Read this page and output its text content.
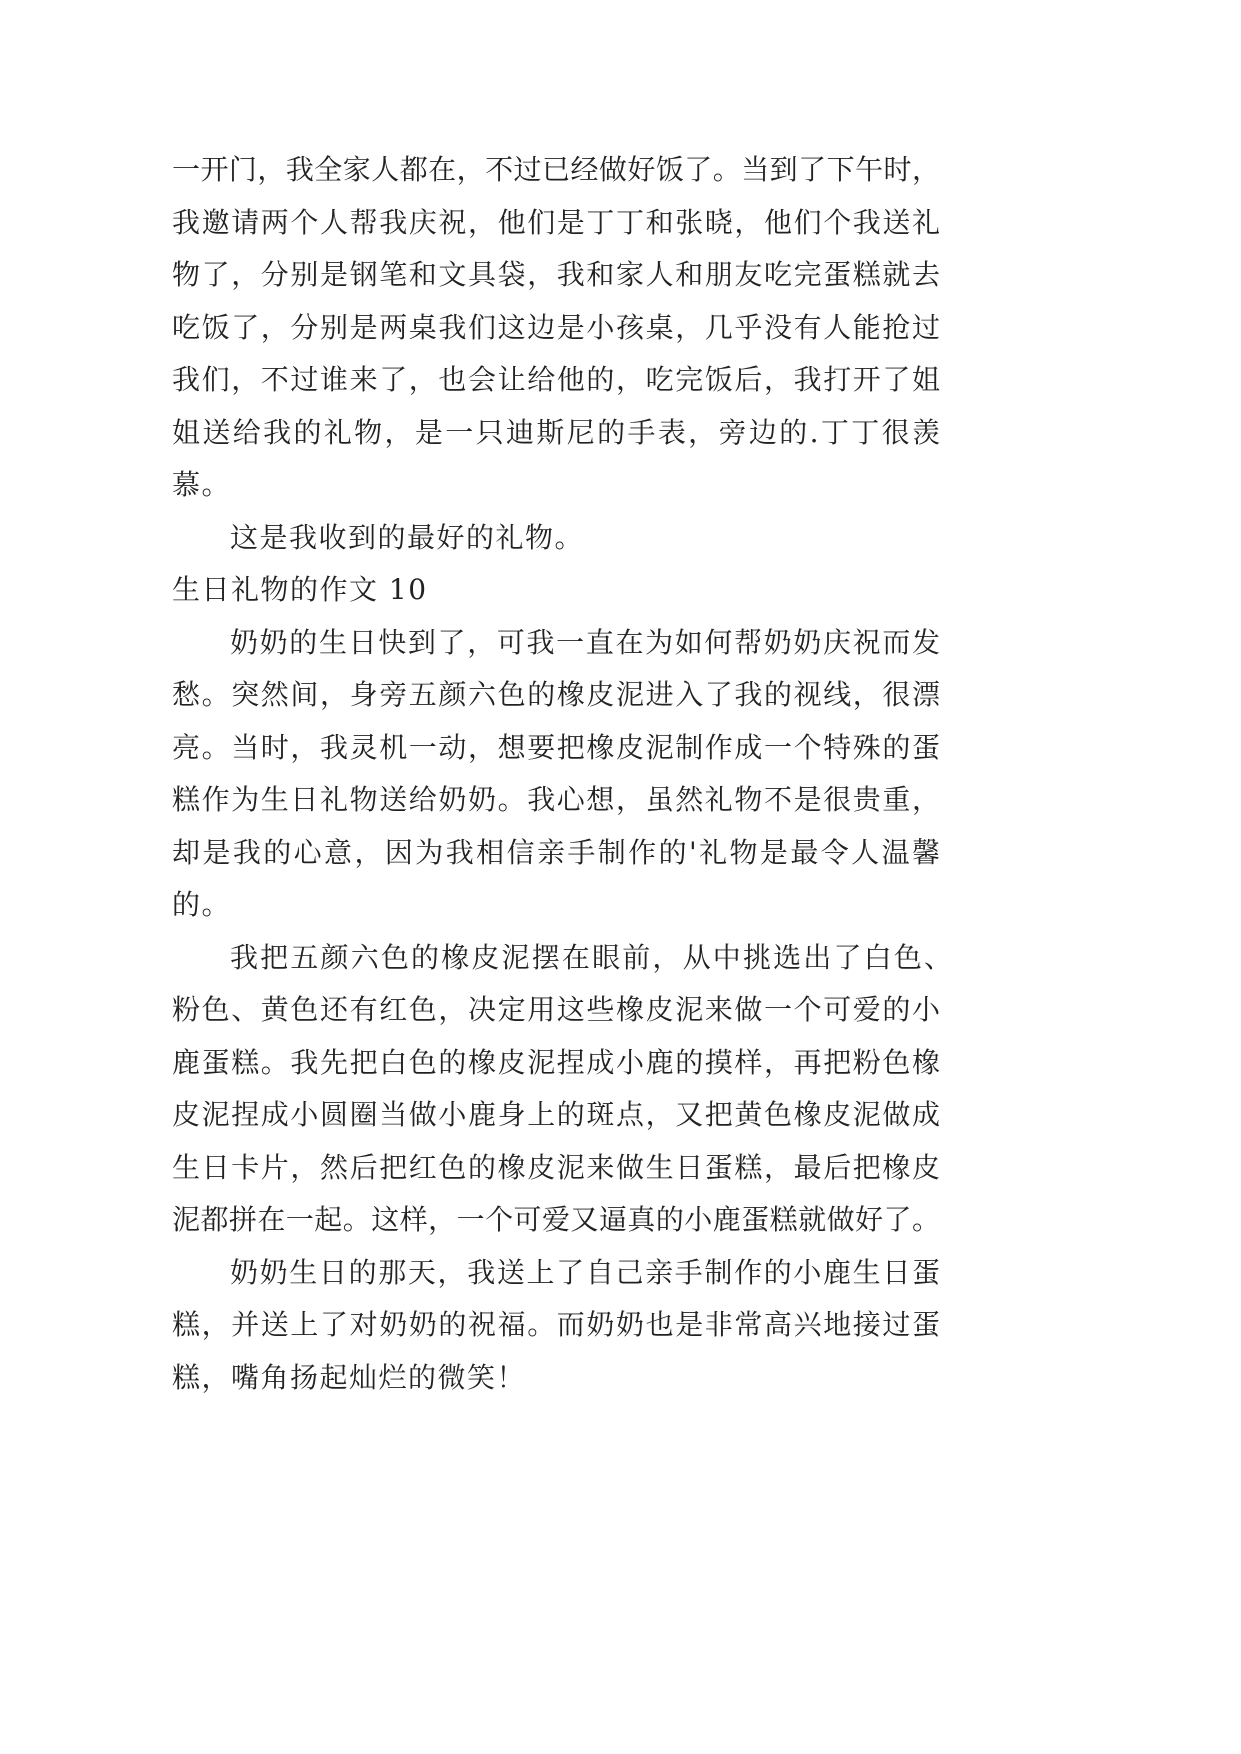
一开门，我全家人都在，不过已经做好饭了。当到了下午时，
我邀请两个人帮我庆祝，他们是丁丁和张晓，他们个我送礼
物了，分别是钢笔和文具袋，我和家人和朋友吃完蛋糕就去
吃饭了，分别是两桌我们这边是小孩桌，几乎没有人能抢过
我们，不过谁来了，也会让给他的，吃完饭后，我打开了姐
姐送给我的礼物，是一只迪斯尼的手表，旁边的.丁丁很羡
慕。
这是我收到的最好的礼物。
生日礼物的作文 10
奶奶的生日快到了，可我一直在为如何帮奶奶庆祝而发
愁。突然间，身旁五颜六色的橡皮泥进入了我的视线，很漂
亮。当时，我灵机一动，想要把橡皮泥制作成一个特殊的蛋
糕作为生日礼物送给奶奶。我心想，虽然礼物不是很贵重，
却是我的心意，因为我相信亲手制作的'礼物是最令人温馨
的。
我把五颜六色的橡皮泥摆在眼前，从中挑选出了白色、
粉色、黄色还有红色，决定用这些橡皮泥来做一个可爱的小
鹿蛋糕。我先把白色的橡皮泥捏成小鹿的摸样，再把粉色橡
皮泥捏成小圆圈当做小鹿身上的斑点，又把黄色橡皮泥做成
生日卡片，然后把红色的橡皮泥来做生日蛋糕，最后把橡皮
泥都拼在一起。这样，一个可爱又逼真的小鹿蛋糕就做好了。
奶奶生日的那天，我送上了自己亲手制作的小鹿生日蛋
糕，并送上了对奶奶的祝福。而奶奶也是非常高兴地接过蛋
糕，嘴角扬起灿烂的微笑！
